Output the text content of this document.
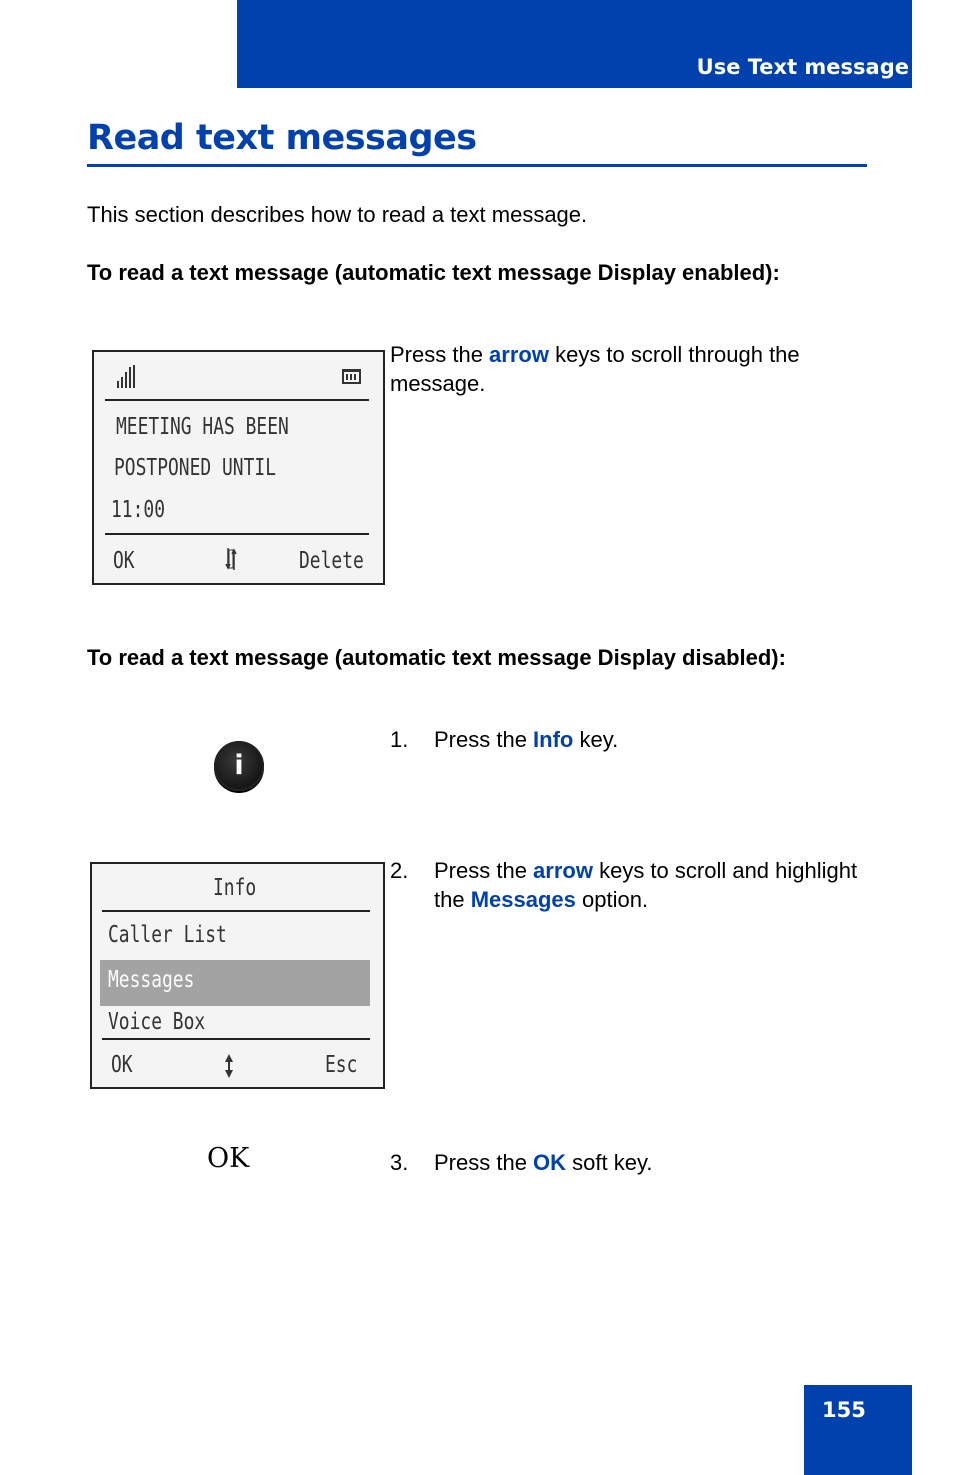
Use Text message
Read text messages
This section describes how to read a text message.
To read a text message (automatic text message Display enabled):
MEETING HAS BEEN
POSTPONED UNTIL
11:00
OK	Delete
Press the arrow keys to scroll through the message.
To read a text message (automatic text message Display disabled):
i
1. Press the Info key.
Info
Caller List
Messages
Voice Box
OK	Esc
2. Press the arrow keys to scroll and highlight the Messages option.
OK	3. Press the OK soft key.
155
